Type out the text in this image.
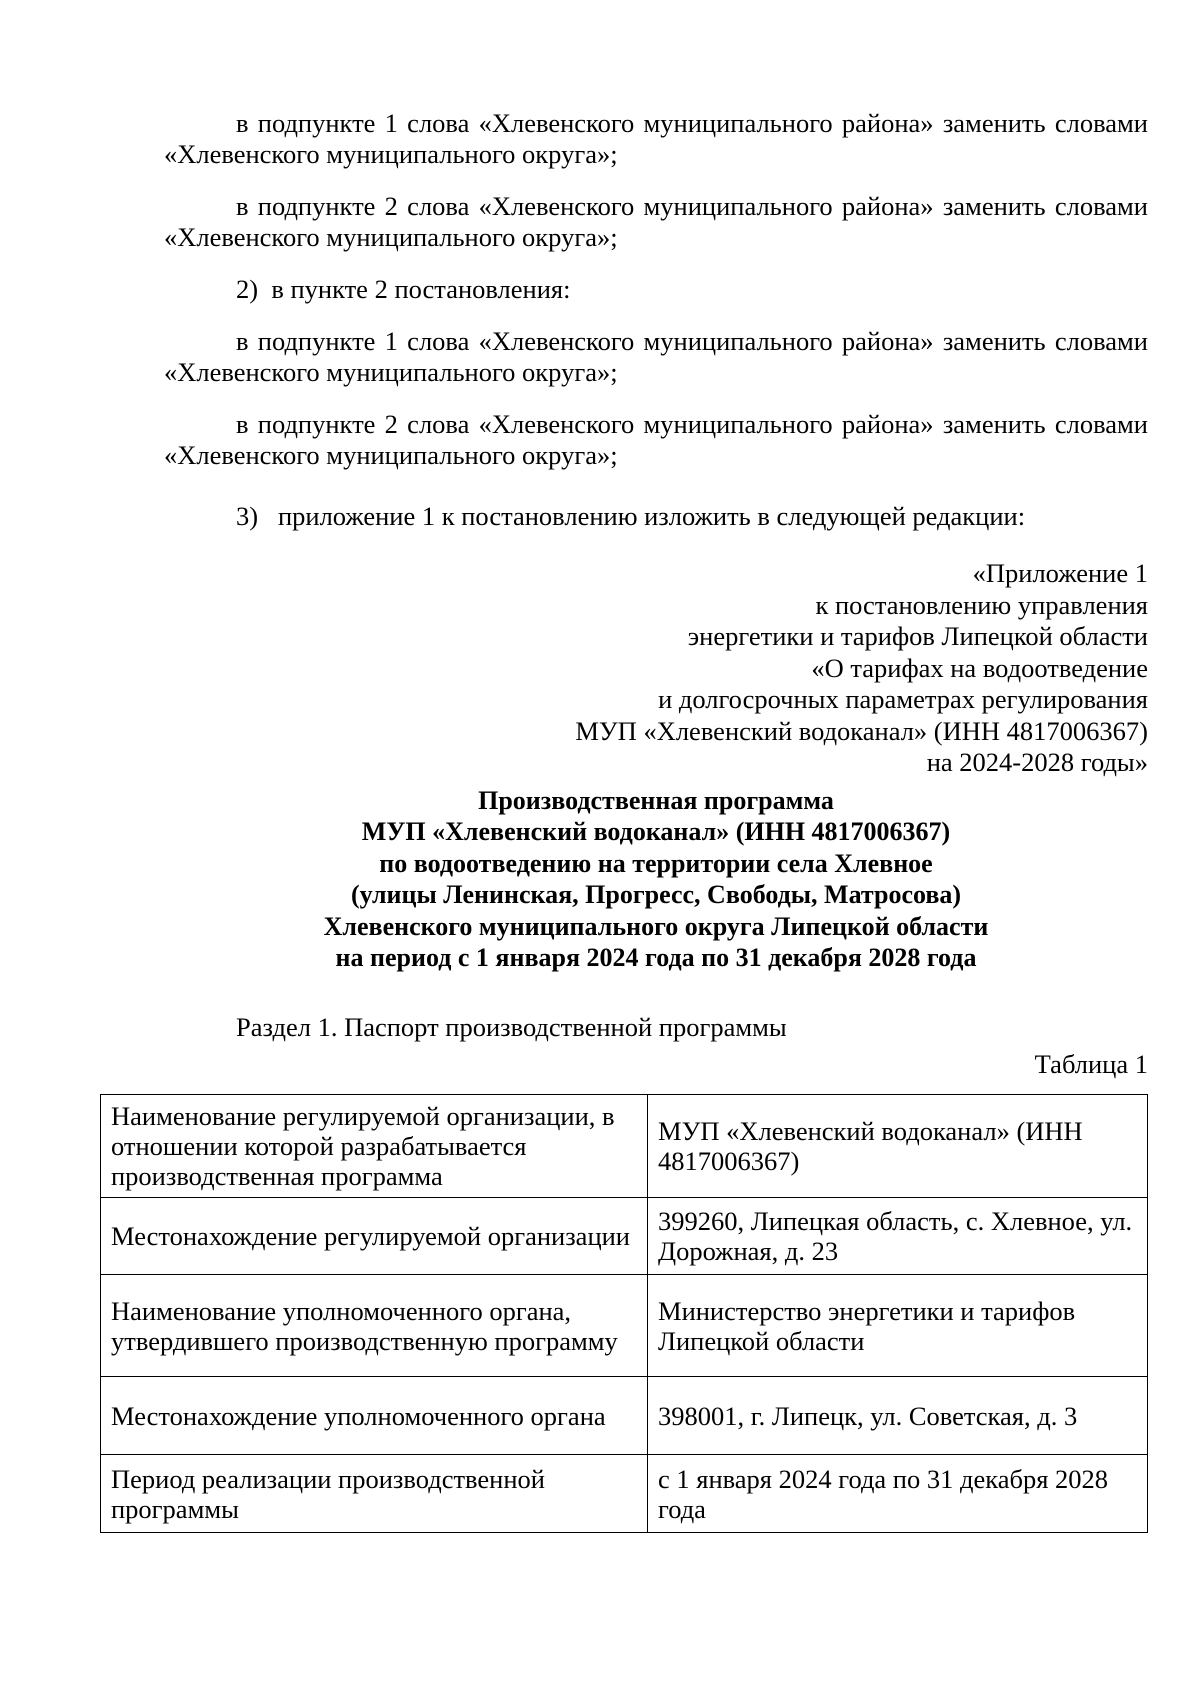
в подпункте 1 слова «Хлевенского муниципального района» заменить словами «Хлевенского муниципального округа»;

в подпункте 2 слова «Хлевенского муниципального района» заменить словами «Хлевенского муниципального округа»;

2)  в пункте 2 постановления:

в подпункте 1 слова «Хлевенского муниципального района» заменить словами «Хлевенского муниципального округа»;

в подпункте 2 слова «Хлевенского муниципального района» заменить словами «Хлевенского муниципального округа»;

3)   приложение 1 к постановлению изложить в следующей редакции:

«Приложение 1

к постановлению управления

энергетики и тарифов Липецкой области

«О тарифах на водоотведение

и долгосрочных параметрах регулирования

МУП «Хлевенский водоканал» (ИНН 4817006367)

на 2024-2028 годы»

Производственная программа

МУП «Хлевенский водоканал» (ИНН 4817006367)

по водоотведению на территории села Хлевное

(улицы Ленинская, Прогресс, Свободы, Матросова)

Хлевенского муниципального округа Липецкой области

на период с 1 января 2024 года по 31 декабря 2028 года

Раздел 1. Паспорт производственной программы

Таблица 1

Наименование регулируемой организации, в отношении которой разрабатывается производственная программа	МУП «Хлевенский водоканал» (ИНН 4817006367)
Местонахождение регулируемой организации	399260, Липецкая область, с. Хлевное, ул. Дорожная, д. 23
Наименование уполномоченного органа, утвердившего производственную программу	Министерство энергетики и тарифов Липецкой области
Местонахождение уполномоченного органа	398001, г. Липецк, ул. Советская, д. 3
Период реализации производственной программы	с 1 января 2024 года по 31 декабря 2028 года
